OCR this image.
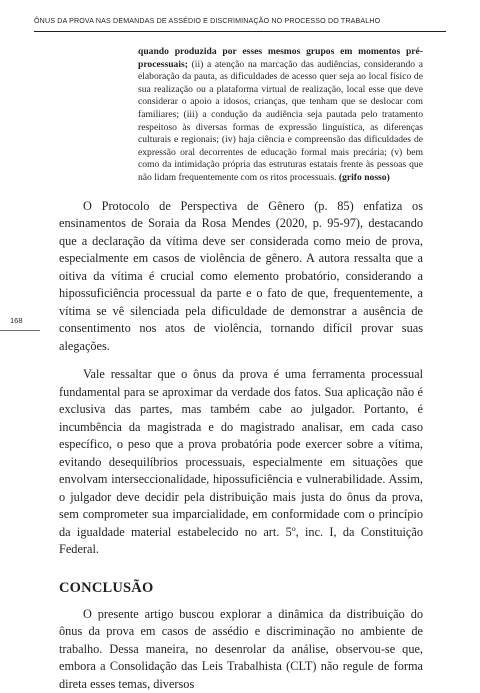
ÔNUS DA PROVA NAS DEMANDAS DE ASSÉDIO E DISCRIMINAÇÃO NO PROCESSO DO TRABALHO
168

quando produzida por esses mesmos grupos em momentos pré-processuais; (ii) a atenção na marcação das audiências, considerando a elaboração da pauta, as dificuldades de acesso quer seja ao local físico de sua realização ou a plataforma virtual de realização, local esse que deve considerar o apoio a idosos, crianças, que tenham que se deslocar com familiares; (iii) a condução da audiência seja pautada pelo tratamento respeitoso às diversas formas de expressão linguística, as diferenças culturais e regionais; (iv) haja ciência e compreensão das dificuldades de expressão oral decorrentes de educação formal mais precária; (v) bem como da intimidação própria das estruturas estatais frente às pessoas que não lidam frequentemente com os ritos processuais. (grifo nosso)

O Protocolo de Perspectiva de Gênero (p. 85) enfatiza os ensinamentos de Soraia da Rosa Mendes (2020, p. 95-97), destacando que a declaração da vítima deve ser considerada como meio de prova, especialmente em casos de violência de gênero. A autora ressalta que a oitiva da vítima é crucial como elemento probatório, considerando a hipossuficiência processual da parte e o fato de que, frequentemente, a vítima se vê silenciada pela dificuldade de demonstrar a ausência de consentimento nos atos de violência, tornando difícil provar suas alegações.

Vale ressaltar que o ônus da prova é uma ferramenta processual fundamental para se aproximar da verdade dos fatos. Sua aplicação não é exclusiva das partes, mas também cabe ao julgador. Portanto, é incumbência da magistrada e do magistrado analisar, em cada caso específico, o peso que a prova probatória pode exercer sobre a vítima, evitando desequilíbrios processuais, especialmente em situações que envolvam interseccionalidade, hipossuficiência e vulnerabilidade. Assim, o julgador deve decidir pela distribuição mais justa do ônus da prova, sem comprometer sua imparcialidade, em conformidade com o princípio da igualdade material estabelecido no art. 5º, inc. I, da Constituição Federal.

CONCLUSÃO

O presente artigo buscou explorar a dinâmica da distribuição do ônus da prova em casos de assédio e discriminação no ambiente de trabalho. Dessa maneira, no desenrolar da análise, observou-se que, embora a Consolidação das Leis Trabalhista (CLT) não regule de forma direta esses temas, diversos
